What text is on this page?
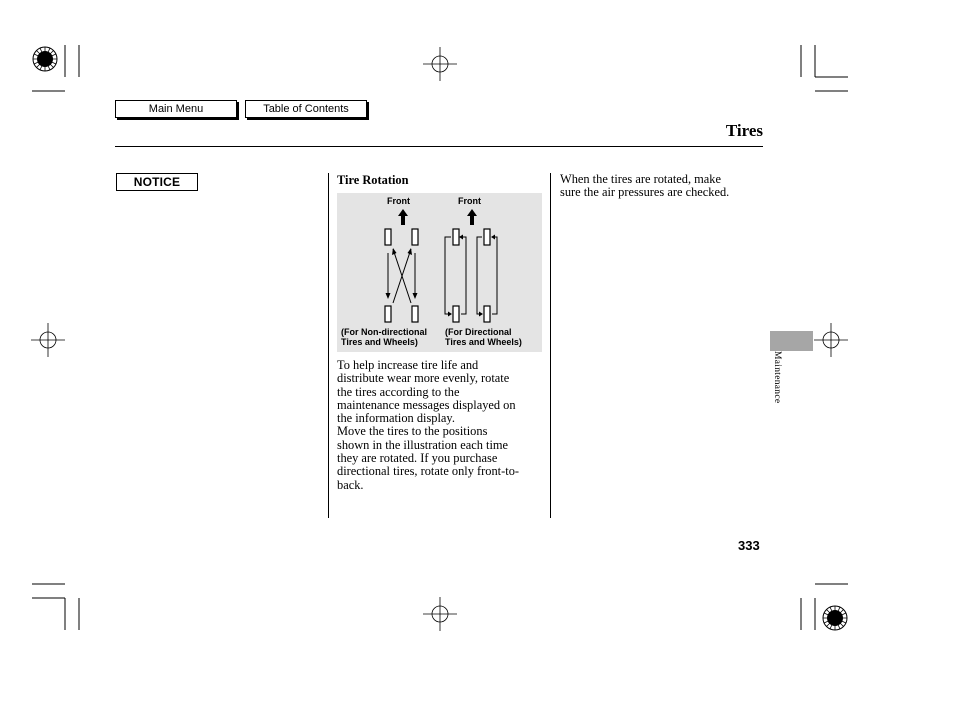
Main Menu	Table of Contents
Tires
NOTICE	Tire Rotation
Front	Front
(For Non-directional
Tires and Wheels)
(For Directional
Tires and Wheels)
To help increase tire life and
distribute wear more evenly, rotate
the tires according to the
maintenance messages displayed on
the information display.
Move the tires to the positions
shown in the illustration each time
they are rotated. If you purchase
directional tires, rotate only front-to-
back.
When the tires are rotated, make
sure the air pressures are checked.
Maintenance
333
